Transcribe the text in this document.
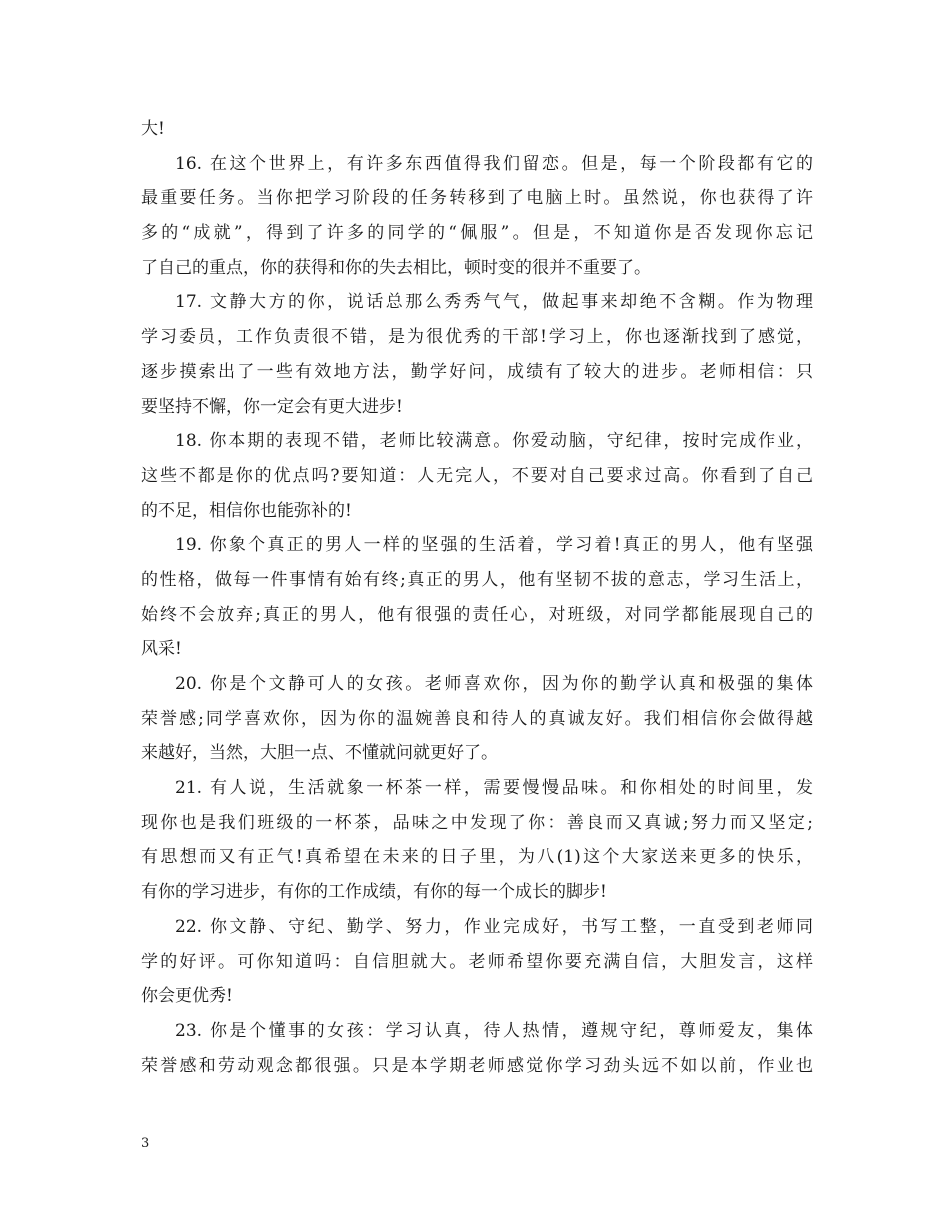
大!
16. 在这个世界上，有许多东西值得我们留恋。但是，每一个阶段都有它的
最重要任务。当你把学习阶段的任务转移到了电脑上时。虽然说，你也获得了许
多的“成就”，得到了许多的同学的“佩服”。但是，不知道你是否发现你忘记
了自己的重点，你的获得和你的失去相比，顿时变的很并不重要了。
17. 文静大方的你，说话总那么秀秀气气，做起事来却绝不含糊。作为物理
学习委员，工作负责很不错，是为很优秀的干部!学习上，你也逐渐找到了感觉，
逐步摸索出了一些有效地方法，勤学好问，成绩有了较大的进步。老师相信：只
要坚持不懈，你一定会有更大进步!
18. 你本期的表现不错，老师比较满意。你爱动脑，守纪律，按时完成作业，
这些不都是你的优点吗?要知道：人无完人，不要对自己要求过高。你看到了自己
的不足，相信你也能弥补的!
19. 你象个真正的男人一样的坚强的生活着，学习着!真正的男人，他有坚强
的性格，做每一件事情有始有终;真正的男人，他有坚韧不拔的意志，学习生活上，
始终不会放弃;真正的男人，他有很强的责任心，对班级，对同学都能展现自己的
风采!
20. 你是个文静可人的女孩。老师喜欢你，因为你的勤学认真和极强的集体
荣誉感;同学喜欢你，因为你的温婉善良和待人的真诚友好。我们相信你会做得越
来越好，当然，大胆一点、不懂就问就更好了。
21. 有人说，生活就象一杯茶一样，需要慢慢品味。和你相处的时间里，发
现你也是我们班级的一杯茶，品味之中发现了你：善良而又真诚;努力而又坚定;
有思想而又有正气!真希望在未来的日子里，为八(1)这个大家送来更多的快乐，
有你的学习进步，有你的工作成绩，有你的每一个成长的脚步!
22. 你文静、守纪、勤学、努力，作业完成好，书写工整，一直受到老师同
学的好评。可你知道吗：自信胆就大。老师希望你要充满自信，大胆发言，这样
你会更优秀!
23. 你是个懂事的女孩：学习认真，待人热情，遵规守纪，尊师爱友，集体
荣誉感和劳动观念都很强。只是本学期老师感觉你学习劲头远不如以前，作业也
3
